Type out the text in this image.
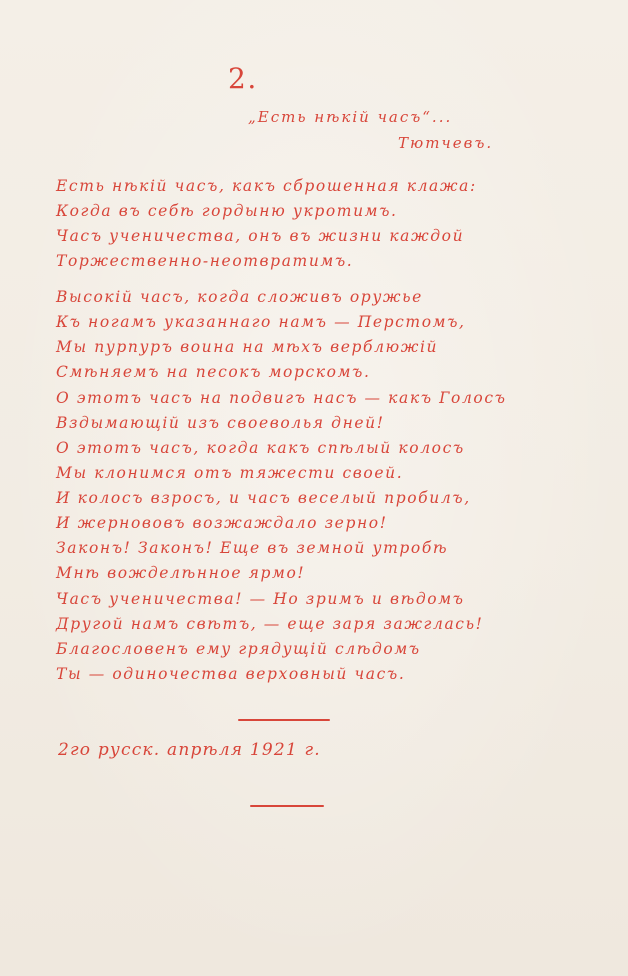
2.
„Есть нѣкій часъ“...
Тютчевъ.
Есть нѣкій часъ, какъ сброшенная клажа:
Когда въ себѣ гордыню укротимъ.
Часъ ученичества, онъ въ жизни каждой
Торжественно-неотвратимъ.
Высокій часъ, когда сложивъ оружье
Къ ногамъ указаннаго намъ — Перстомъ,
Мы пурпуръ воина на мѣхъ верблюжій
Смѣняемъ на песокъ морскомъ.
О этотъ часъ на подвигъ насъ — какъ Голосъ
Вздымающій изъ своеволья дней!
О этотъ часъ, когда какъ спѣлый колосъ
Мы клонимся отъ тяжести своей.
И колосъ взросъ, и часъ веселый пробилъ,
И жернововъ возжаждало зерно!
Законъ! Законъ! Еще въ земной утробѣ
Мнѣ вожделѣнное ярмо!
Часъ ученичества! — Но зримъ и вѣдомъ
Другой намъ свѣтъ, — еще заря зажглась!
Благословенъ ему грядущій слѣдомъ
Ты — одиночества верховный часъ.
2го русск. апрѣля 1921 г.
